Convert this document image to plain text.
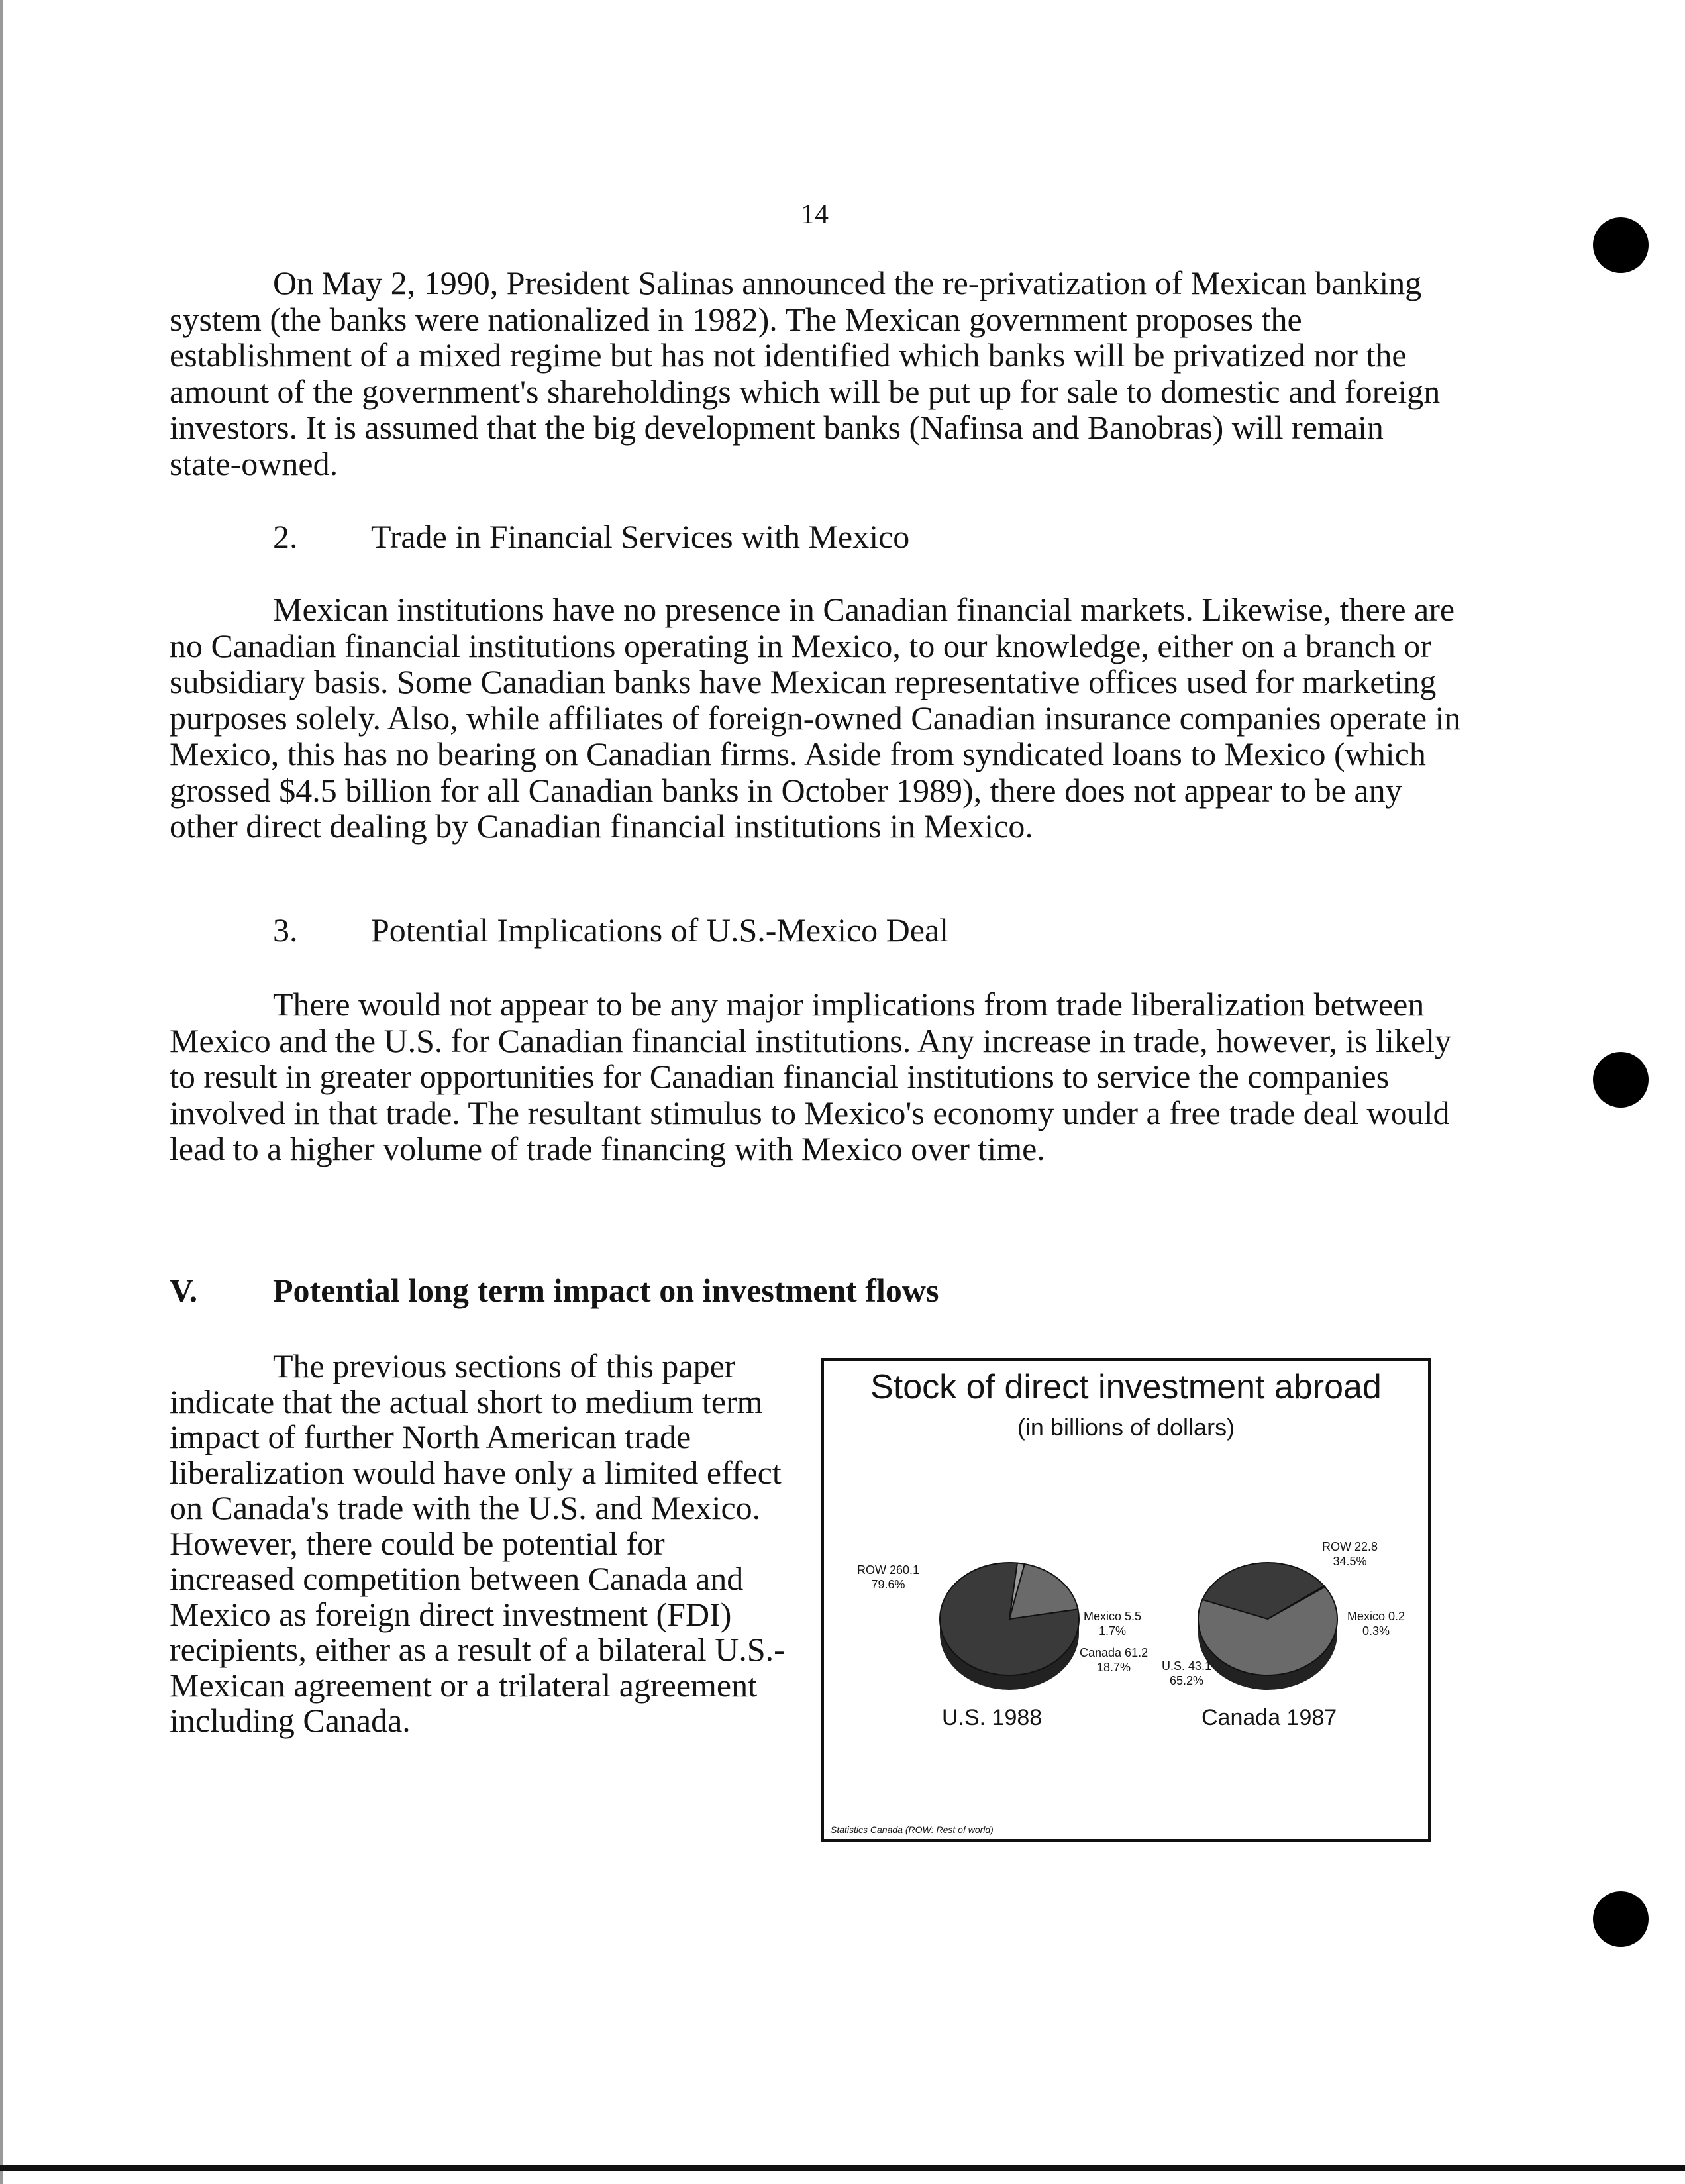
14

On May 2, 1990, President Salinas announced the re-privatization of Mexican banking system (the banks were nationalized in 1982). The Mexican government proposes the establishment of a mixed regime but has not identified which banks will be privatized nor the amount of the government's shareholdings which will be put up for sale to domestic and foreign investors. It is assumed that the big development banks (Nafinsa and Banobras) will remain state-owned.

2. Trade in Financial Services with Mexico

Mexican institutions have no presence in Canadian financial markets. Likewise, there are no Canadian financial institutions operating in Mexico, to our knowledge, either on a branch or subsidiary basis. Some Canadian banks have Mexican representative offices used for marketing purposes solely. Also, while affiliates of foreign-owned Canadian insurance companies operate in Mexico, this has no bearing on Canadian firms. Aside from syndicated loans to Mexico (which grossed $4.5 billion for all Canadian banks in October 1989), there does not appear to be any other direct dealing by Canadian financial institutions in Mexico.

3. Potential Implications of U.S.-Mexico Deal

There would not appear to be any major implications from trade liberalization between Mexico and the U.S. for Canadian financial institutions. Any increase in trade, however, is likely to result in greater opportunities for Canadian financial institutions to service the companies involved in that trade. The resultant stimulus to Mexico's economy under a free trade deal would lead to a higher volume of trade financing with Mexico over time.

V. Potential long term impact on investment flows

The previous sections of this paper indicate that the actual short to medium term impact of further North American trade liberalization would have only a limited effect on Canada's trade with the U.S. and Mexico. However, there could be potential for increased competition between Canada and Mexico as foreign direct investment (FDI) recipients, either as a result of a bilateral U.S.-Mexican agreement or a trilateral agreement including Canada.

Stock of direct investment abroad
(in billions of dollars)
ROW 260.1
79.6%
Mexico 5.5
1.7%
Canada 61.2
18.7%
U.S. 1988
ROW 22.8
34.5%
Mexico 0.2
0.3%
U.S. 43.1
65.2%
Canada 1987
Statistics Canada (ROW: Rest of world)
